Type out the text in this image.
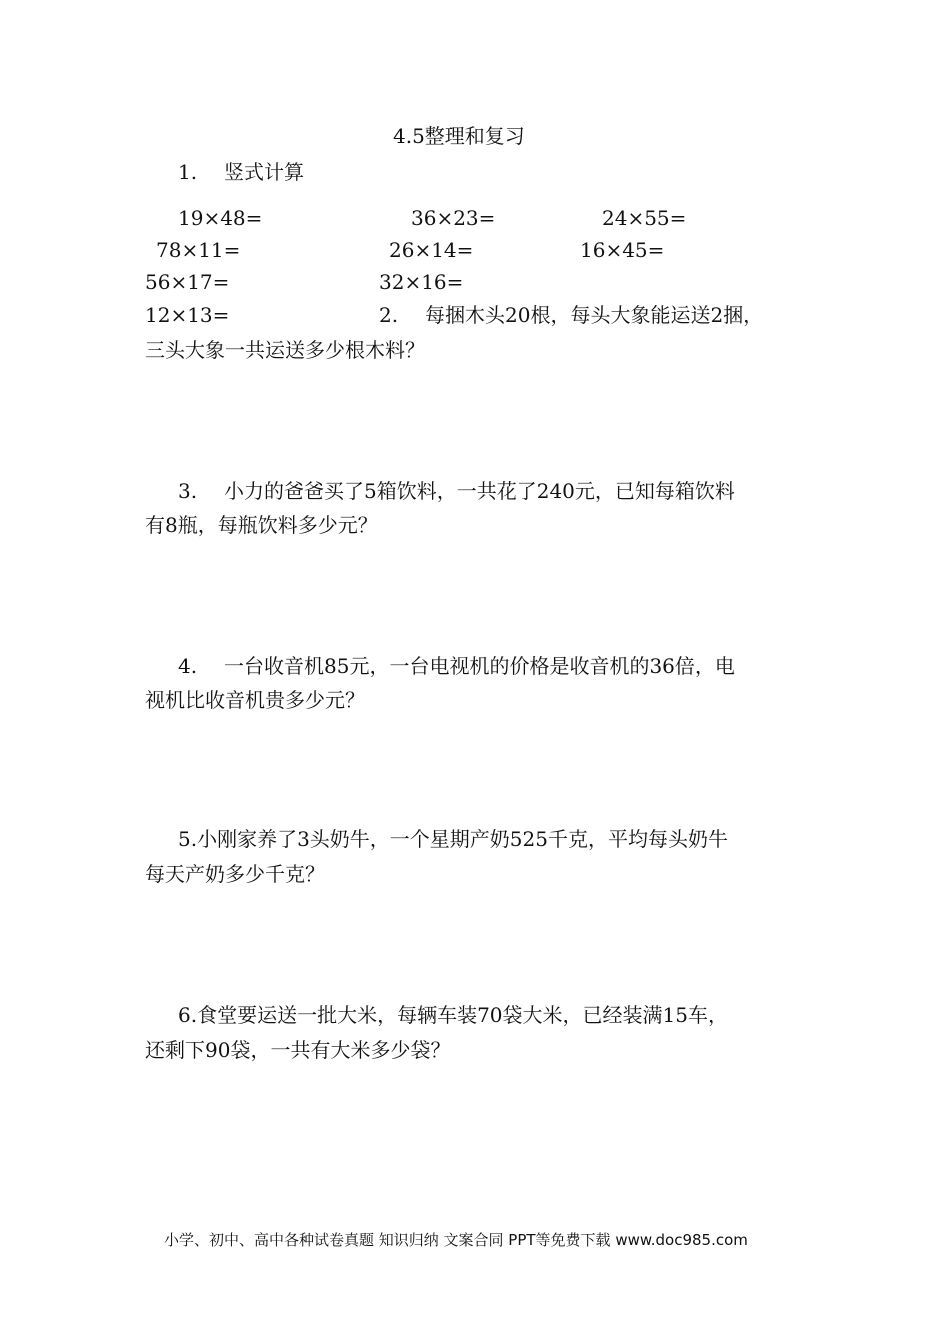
4.5整理和复习
1. 竖式计算
19×48=	36×23=	24×55=
78×11=	26×14=	16×45=
56×17=	32×16=
12×13=	2. 每捆木头20根，每头大象能运送2捆，
三头大象一共运送多少根木料？
3. 小力的爸爸买了5箱饮料，一共花了240元，已知每箱饮料
有8瓶，每瓶饮料多少元？
4. 一台收音机85元，一台电视机的价格是收音机的36倍，电
视机比收音机贵多少元？
5.小刚家养了3头奶牛，一个星期产奶525千克，平均每头奶牛
每天产奶多少千克？
6.食堂要运送一批大米，每辆车装70袋大米，已经装满15车，
还剩下90袋，一共有大米多少袋？
小学、初中、高中各种试卷真题 知识归纳 文案合同 PPT等免费下载 www.doc985.com
